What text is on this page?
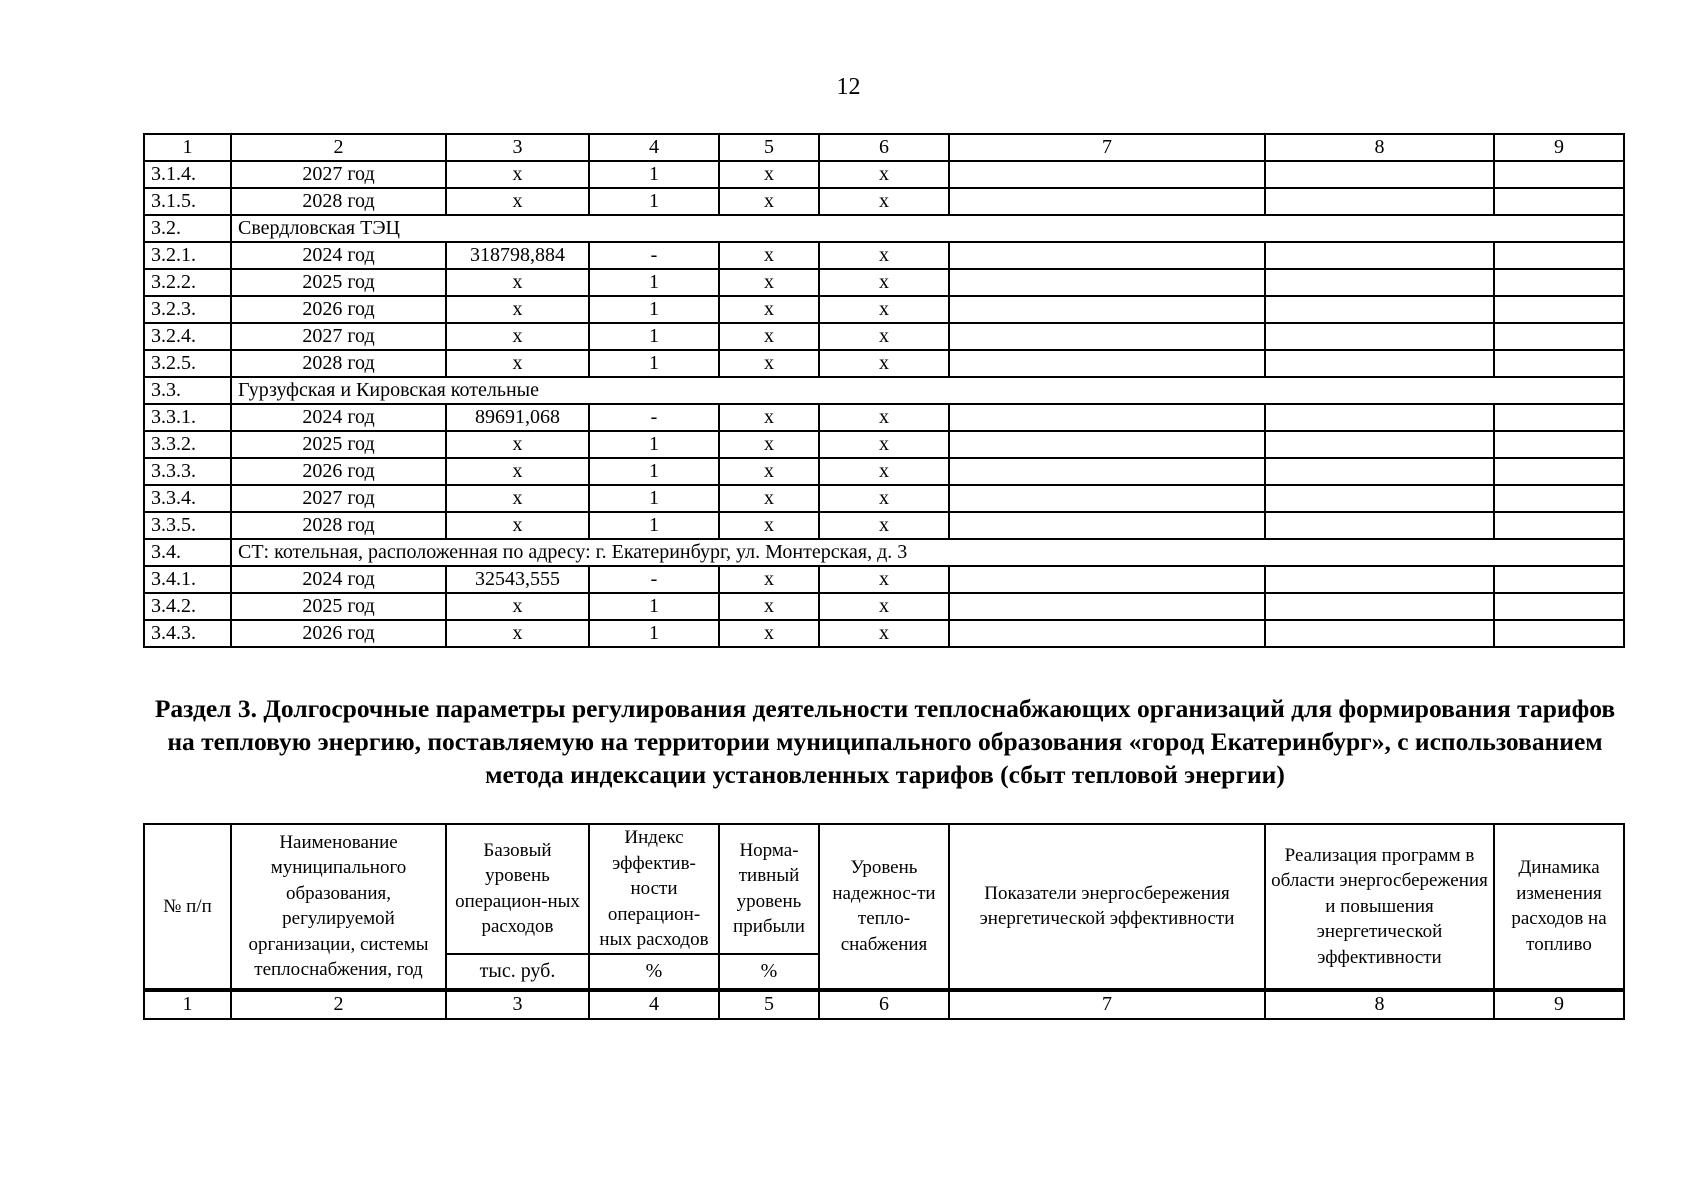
12
1	2	3	4	5	6	7	8	9
3.1.4.	2027 год	х	1	х	х			
3.1.5.	2028 год	х	1	х	х			
3.2.	Свердловская ТЭЦ							
3.2.1.	2024 год	318798,884	-	х	х			
3.2.2.	2025 год	х	1	х	х			
3.2.3.	2026 год	х	1	х	х			
3.2.4.	2027 год	х	1	х	х			
3.2.5.	2028 год	х	1	х	х			
3.3.	Гурзуфская и Кировская котельные							
3.3.1.	2024 год	89691,068	-	х	х			
3.3.2.	2025 год	х	1	х	х			
3.3.3.	2026 год	х	1	х	х			
3.3.4.	2027 год	х	1	х	х			
3.3.5.	2028 год	х	1	х	х			
3.4.	СТ: котельная, расположенная по адресу: г. Екатеринбург, ул. Монтерская, д. 3							
3.4.1.	2024 год	32543,555	-	х	х			
3.4.2.	2025 год	х	1	х	х			
3.4.3.	2026 год	х	1	х	х			
Раздел 3. Долгосрочные параметры регулирования деятельности теплоснабжающих организаций для формирования тарифов на тепловую энергию, поставляемую на территории муниципального образования «город Екатеринбург», с использованием метода индексации установленных тарифов (сбыт тепловой энергии)
№ п/п	Наименование муниципального образования, регулируемой организации, системы теплоснабжения, год	Базовый уровень операцион-ных расходов	Индекс эффектив-ности операцион-ных расходов	Норма-тивный уровень прибыли	Уровень надежнос-ти тепло-снабжения	Показатели энергосбережения энергетической эффективности	Реализация программ в области энергосбережения и повышения энергетической эффективности	Динамика изменения расходов на топливо
		тыс. руб.	%	%				
1	2	3	4	5	6	7	8	9
